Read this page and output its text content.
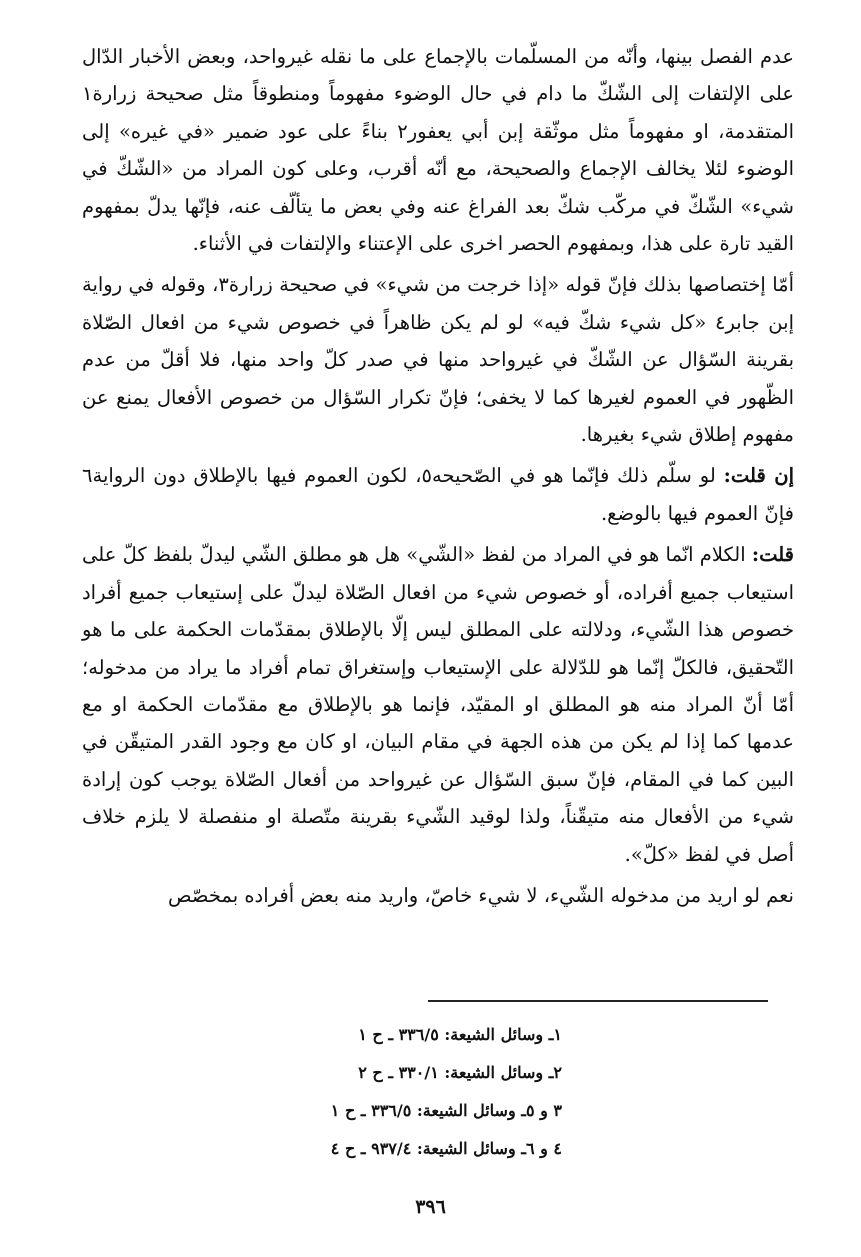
عدم الفصل بينها، وأنّه من المسلّمات بالإجماع على ما نقله غيرواحد، وبعض الأخبار الدّال على الإلتفات إلى الشّكّ ما دام في حال الوضوء مفهوماً ومنطوقاً مثل صحيحة زرارة١ المتقدمة، او مفهوماً مثل موثّقة إبن أبي يعفور٢ بناءً على عود ضمير «في غيره» إلى الوضوء لئلا يخالف الإجماع والصحيحة، مع أنّه أقرب، وعلى كون المراد من «الشّكّ في شيء» الشّكّ في مركّب شكّ بعد الفراغ عنه وفي بعض ما يتألّف عنه، فإنّها يدلّ بمفهوم القيد تارة على هذا، وبمفهوم الحصر اخرى على الإعتناء والإلتفات في الأثناء.

أمّا إختصاصها بذلك فإنّ قوله «إذا خرجت من شيء» في صحيحة زرارة٣، وقوله في رواية إبن جابر٤ «كل شيء شكّ فيه» لو لم يكن ظاهراً في خصوص شيء من افعال الصّلاة بقرينة السّؤال عن الشّكّ في غيرواحد منها في صدر كلّ واحد منها، فلا أقلّ من عدم الظّهور في العموم لغيرها كما لا يخفى؛ فإنّ تكرار السّؤال من خصوص الأفعال يمنع عن مفهوم إطلاق شيء بغيرها.

إن قلت: لو سلّم ذلك فإنّما هو في الصّحيحه٥، لكون العموم فيها بالإطلاق دون الرواية٦ فإنّ العموم فيها بالوضع.

قلت: الكلام انّما هو في المراد من لفظ «الشّي» هل هو مطلق الشّي ليدلّ بلفظ كلّ على استيعاب جميع أفراده، أو خصوص شيء من افعال الصّلاة ليدلّ على إستيعاب جميع أفراد خصوص هذا الشّيء، ودلالته على المطلق ليس إلّا بالإطلاق بمقدّمات الحكمة على ما هو التّحقيق، فالكلّ إنّما هو للدّلالة على الإستيعاب وإستغراق تمام أفراد ما يراد من مدخوله؛ أمّا أنّ المراد منه هو المطلق او المقيّد، فإنما هو بالإطلاق مع مقدّمات الحكمة او مع عدمها كما إذا لم يكن من هذه الجهة في مقام البيان، او كان مع وجود القدر المتيقّن في البين كما في المقام، فإنّ سبق السّؤال عن غيرواحد من أفعال الصّلاة يوجب كون إرادة شيء من الأفعال منه متيقّناً، ولذا لوقيد الشّيء بقرينة متّصلة او منفصلة لا يلزم خلاف أصل في لفظ «كلّ».

نعم لو اريد من مدخوله الشّيء، لا شيء خاصّ، واريد منه بعض أفراده بمخصّص

١ـ وسائل الشيعة: ٣٣٦/٥ ـ ح ١

٢ـ وسائل الشيعة: ٣٣٠/١ ـ ح ٢

٣ و ٥ـ وسائل الشيعة: ٣٣٦/٥ ـ ح ١

٤ و ٦ـ وسائل الشيعة: ٩٣٧/٤ ـ ح ٤

٣٩٦
